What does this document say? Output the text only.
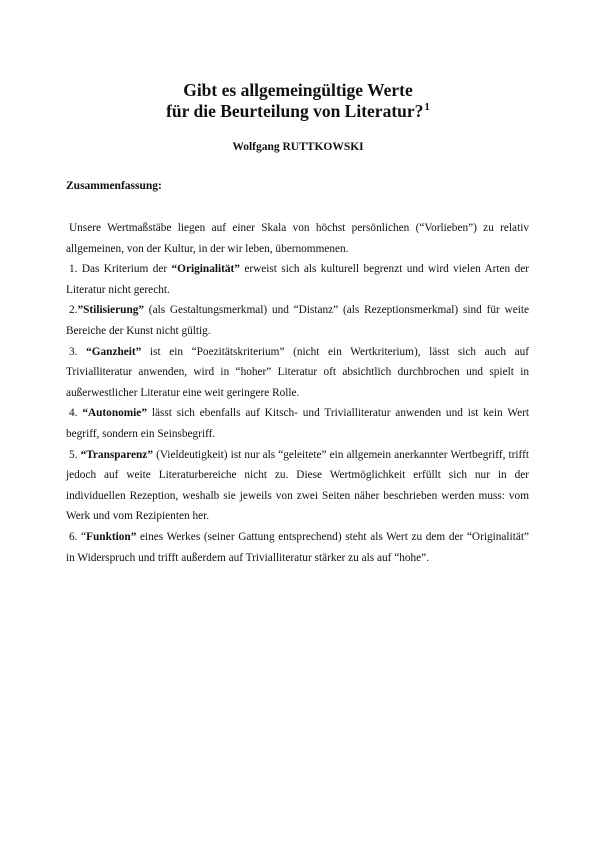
Gibt es allgemeingültige Werte
für die Beurteilung von Literatur?$^1$
Wolfgang RUTTKOWSKI
Zusammenfassung:

Unsere Wertmaßstäbe liegen auf einer Skala von höchst persönlichen (“Vorlieben”) zu relativ allgemeinen, von der Kultur, in der wir leben, übernommenen.

1. Das Kriterium der “Originalität” erweist sich als kulturell begrenzt und wird vielen Arten der Literatur nicht gerecht.

2.”Stilisierung” (als Gestaltungsmerkmal) und “Distanz” (als Rezeptionsmerkmal) sind für weite Bereiche der Kunst nicht gültig.

3. “Ganzheit” ist ein “Poezitätskriterium” (nicht ein Wertkriterium), lässt sich auch auf Trivialliteratur anwenden, wird in “hoher” Literatur oft absichtlich durchbrochen und spielt in außerwestlicher Literatur eine weit geringere Rolle.

4. “Autonomie” lässt sich ebenfalls auf Kitsch- und Trivialliteratur anwenden und ist kein Wert begriff, sondern ein Seinsbegriff.

5. “Transparenz” (Vieldeutigkeit) ist nur als “geleitete” ein allgemein anerkannter Wertbegriff, trifft jedoch auf weite Literaturbereiche nicht zu. Diese Wertmöglichkeit erfüllt sich nur in der individuellen Rezeption, weshalb sie jeweils von zwei Seiten näher beschrieben werden muss: vom Werk und vom Rezipienten her.

6. “Funktion” eines Werkes (seiner Gattung entsprechend) steht als Wert zu dem der “Originalität” in Widerspruch und trifft außerdem auf Trivialliteratur stärker zu als auf “hohe”.
